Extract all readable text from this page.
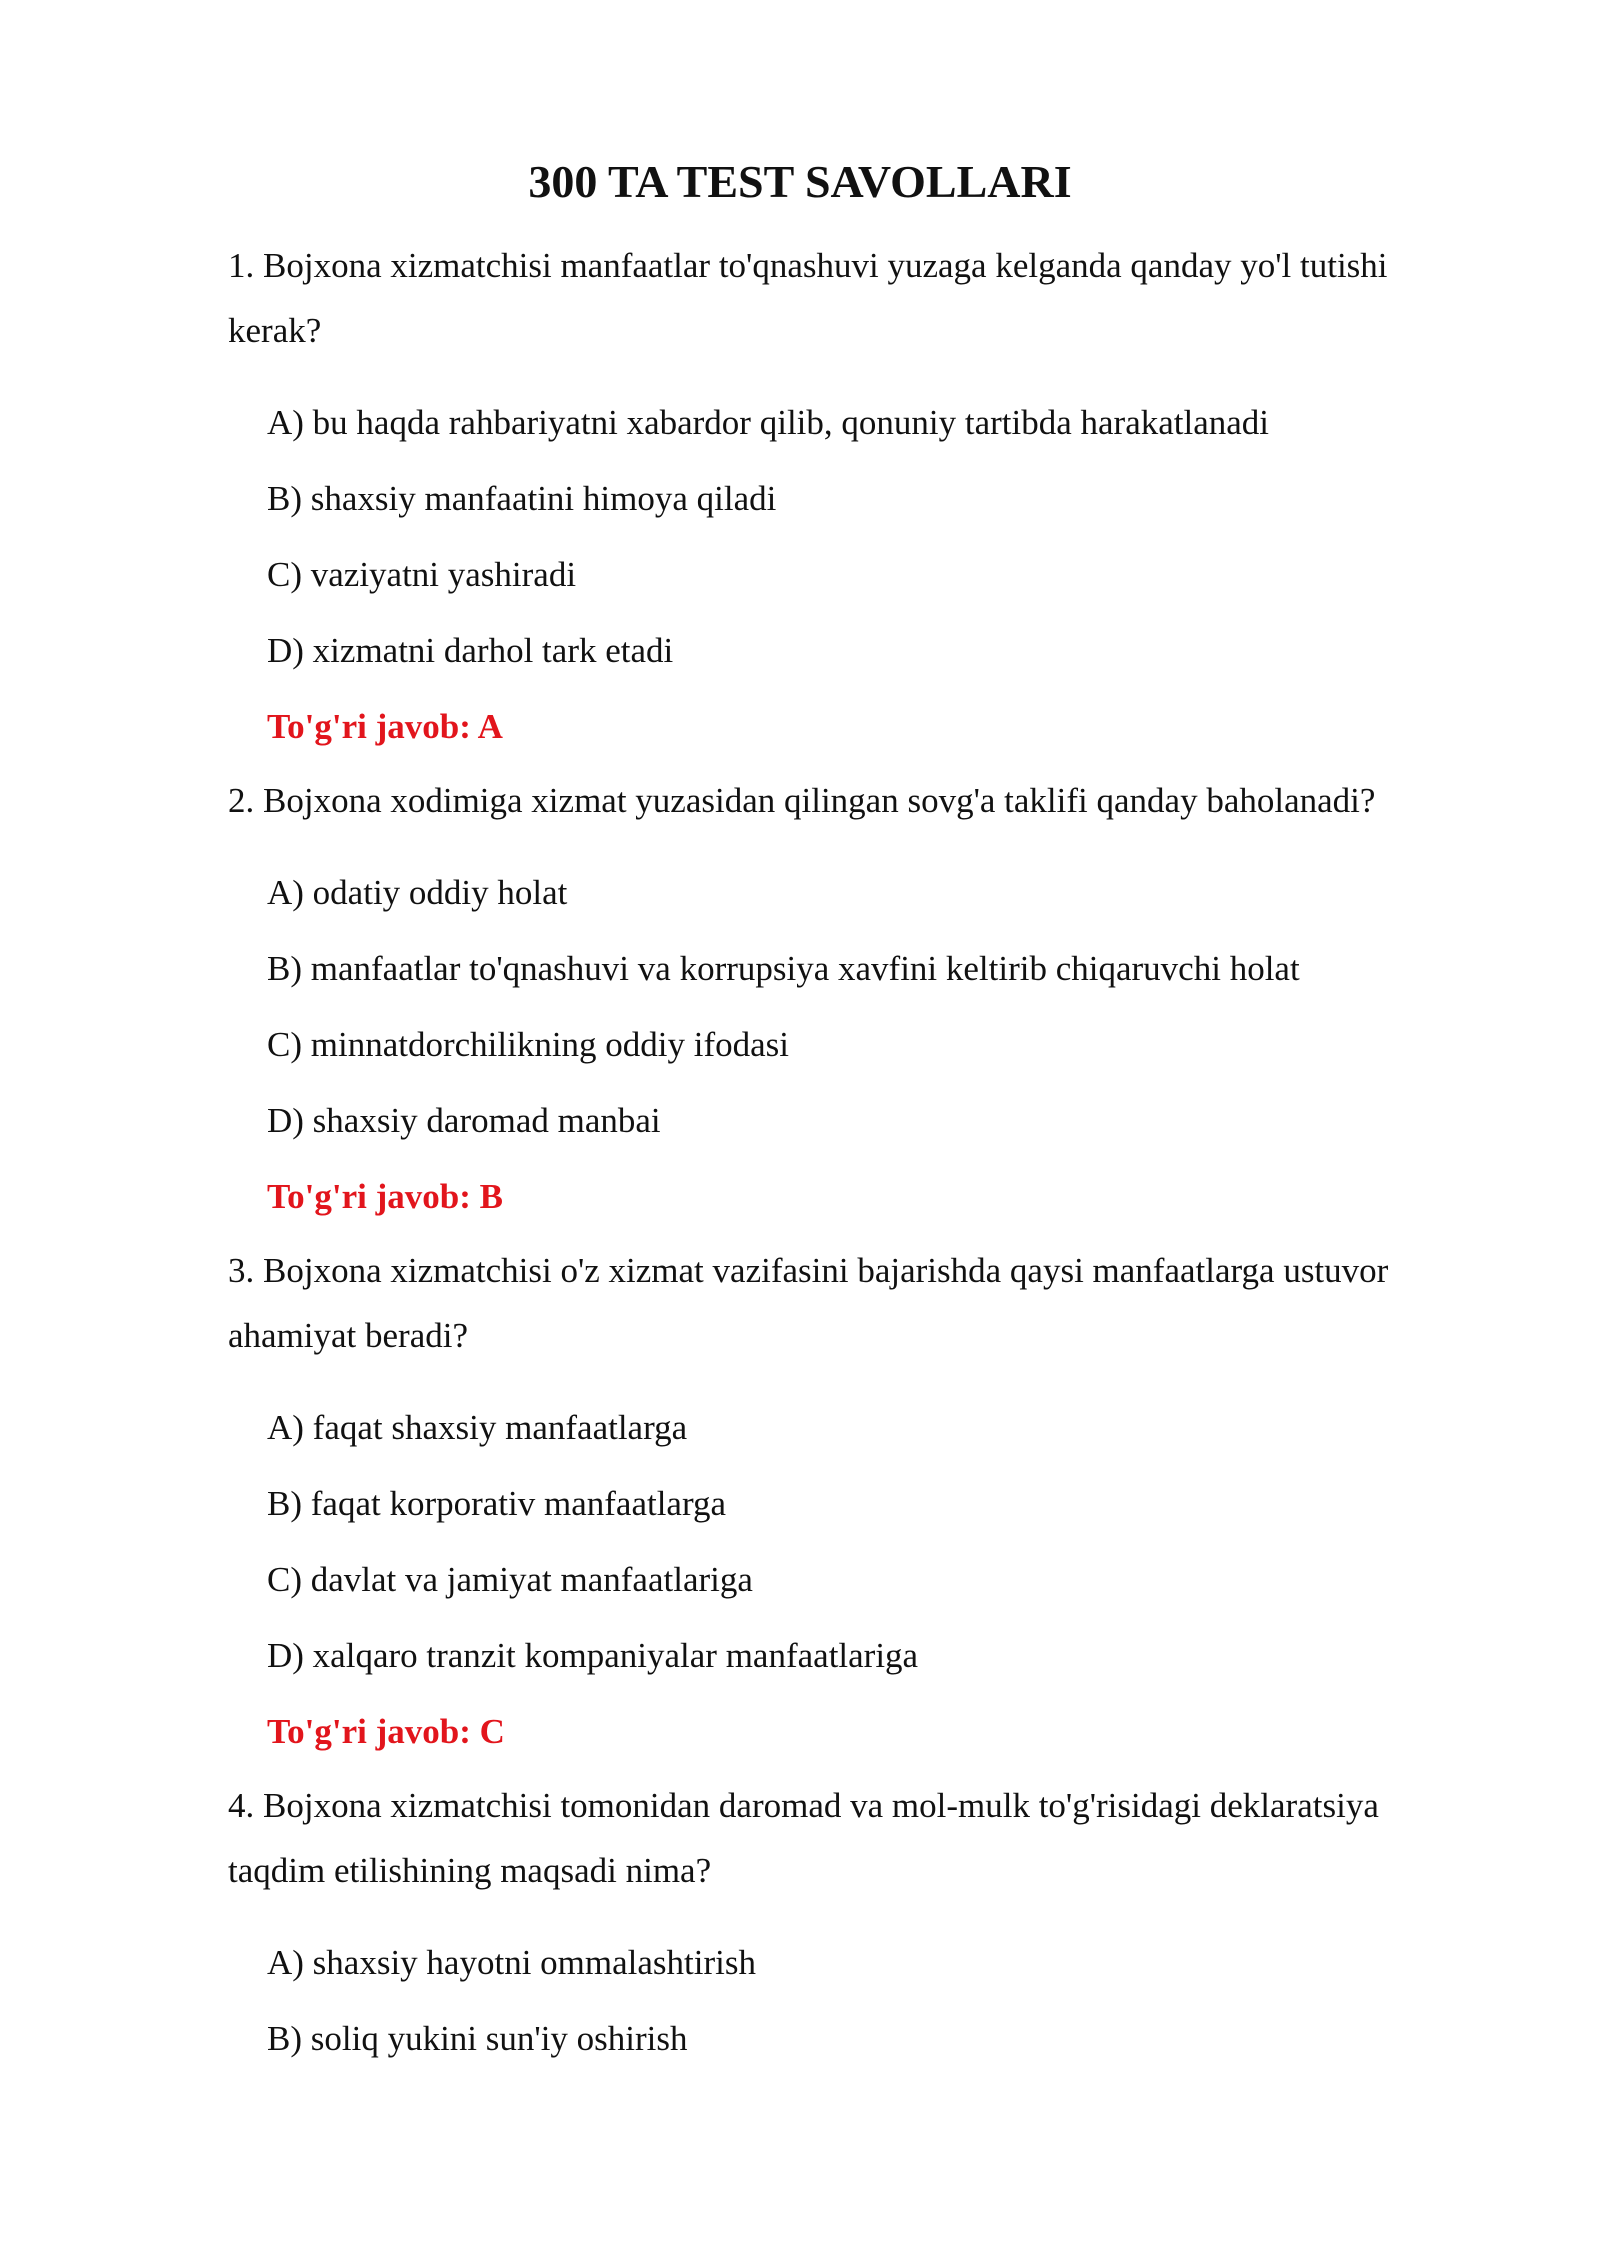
300 TA TEST SAVOLLARI

1. Bojxona xizmatchisi manfaatlar to'qnashuvi yuzaga kelganda qanday yo'l tutishi kerak?

A) bu haqda rahbariyatni xabardor qilib, qonuniy tartibda harakatlanadi

B) shaxsiy manfaatini himoya qiladi

C) vaziyatni yashiradi

D) xizmatni darhol tark etadi

To'g'ri javob: A

2. Bojxona xodimiga xizmat yuzasidan qilingan sovg'a taklifi qanday baholanadi?

A) odatiy oddiy holat

B) manfaatlar to'qnashuvi va korrupsiya xavfini keltirib chiqaruvchi holat

C) minnatdorchilikning oddiy ifodasi

D) shaxsiy daromad manbai

To'g'ri javob: B

3. Bojxona xizmatchisi o'z xizmat vazifasini bajarishda qaysi manfaatlarga ustuvor ahamiyat beradi?

A) faqat shaxsiy manfaatlarga

B) faqat korporativ manfaatlarga

C) davlat va jamiyat manfaatlariga

D) xalqaro tranzit kompaniyalar manfaatlariga

To'g'ri javob: C

4. Bojxona xizmatchisi tomonidan daromad va mol-mulk to'g'risidagi deklaratsiya taqdim etilishining maqsadi nima?

A) shaxsiy hayotni ommalashtirish

B) soliq yukini sun'iy oshirish
